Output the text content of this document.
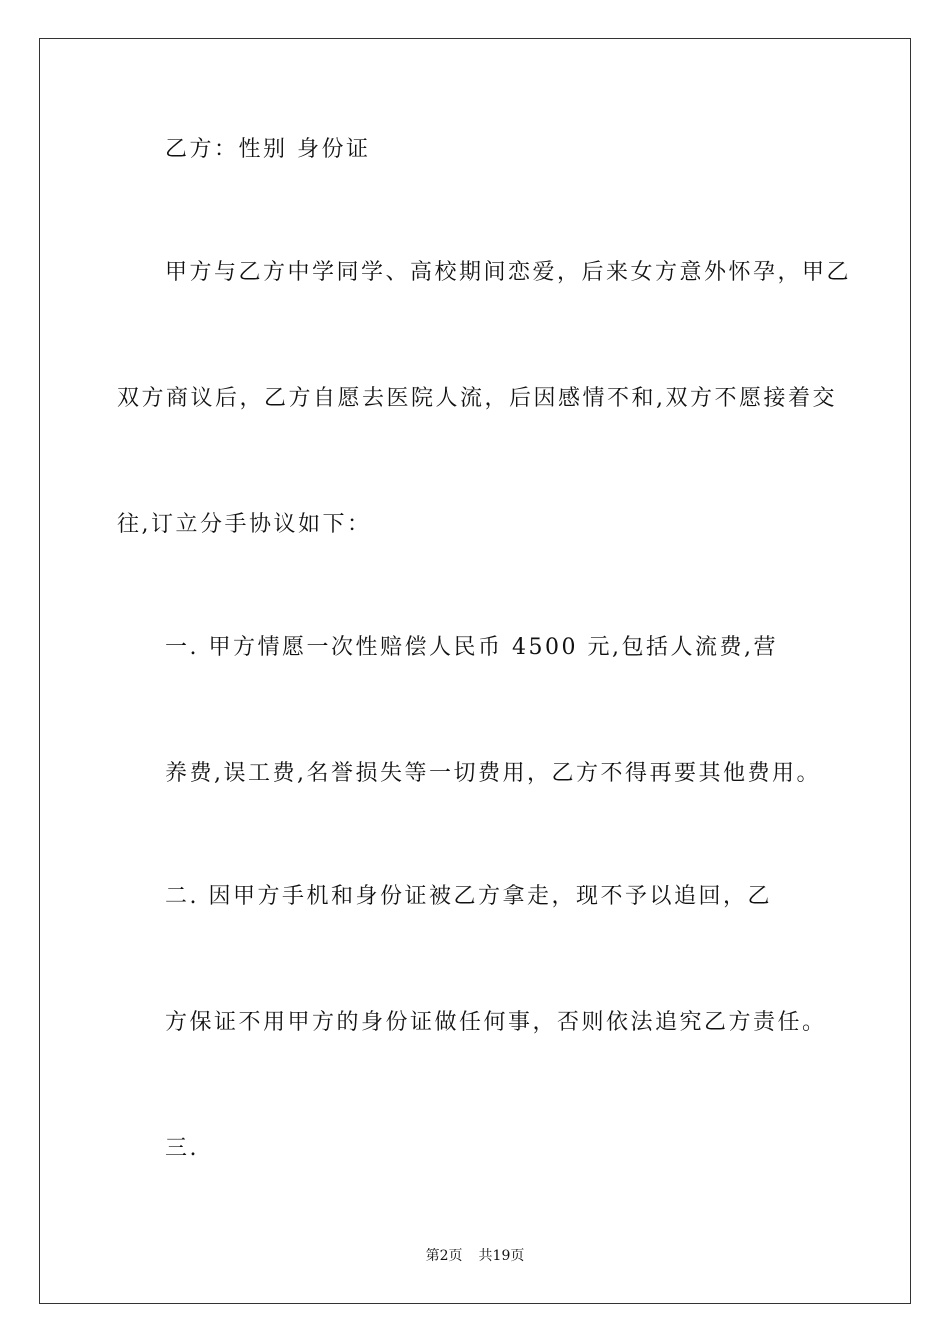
乙方：性别 身份证
甲方与乙方中学同学、高校期间恋爱，后来女方意外怀孕，甲乙
双方商议后，乙方自愿去医院人流，后因感情不和,双方不愿接着交
往,订立分手协议如下：
一. 甲方情愿一次性赔偿人民币 4500 元,包括人流费,营
养费,误工费,名誉损失等一切费用，乙方不得再要其他费用。
二. 因甲方手机和身份证被乙方拿走，现不予以追回，乙
方保证不用甲方的身份证做任何事，否则依法追究乙方责任。
三.
第2页 共19页
